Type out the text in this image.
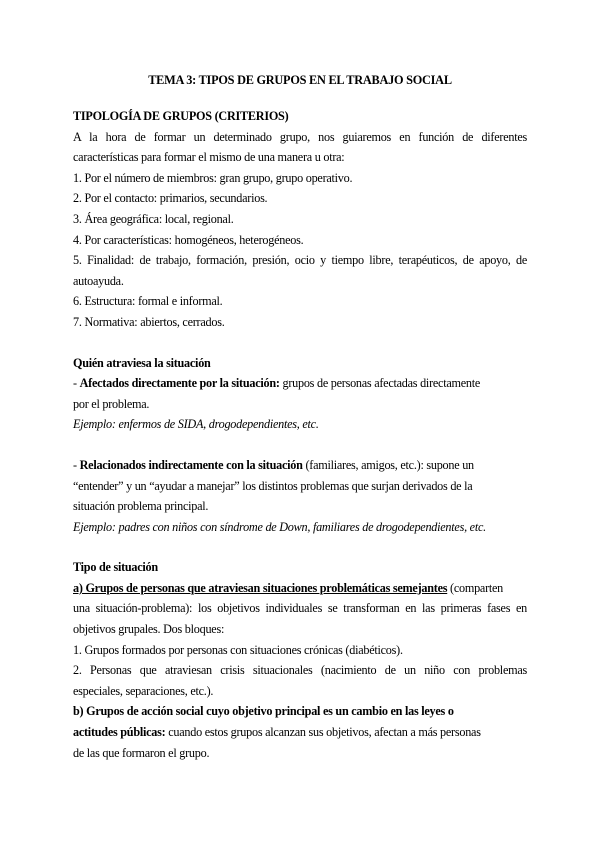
TEMA 3: TIPOS DE GRUPOS EN EL TRABAJO SOCIAL
TIPOLOGÍA DE GRUPOS (CRITERIOS)
A la hora de formar un determinado grupo, nos guiaremos en función de diferentes
características para formar el mismo de una manera u otra:
1. Por el número de miembros: gran grupo, grupo operativo.
2. Por el contacto: primarios, secundarios.
3. Área geográfica: local, regional.
4. Por características: homogéneos, heterogéneos.
5. Finalidad: de trabajo, formación, presión, ocio y tiempo libre, terapéuticos, de apoyo, de
autoayuda.
6. Estructura: formal e informal.
7. Normativa: abiertos, cerrados.
Quién atraviesa la situación
- Afectados directamente por la situación: grupos de personas afectadas directamente
por el problema.
Ejemplo: enfermos de SIDA, drogodependientes, etc.
- Relacionados indirectamente con la situación (familiares, amigos, etc.): supone un
“entender” y un “ayudar a manejar” los distintos problemas que surjan derivados de la
situación problema principal.
Ejemplo: padres con niños con síndrome de Down, familiares de drogodependientes, etc.
Tipo de situación
a) Grupos de personas que atraviesan situaciones problemáticas semejantes (comparten
una situación-problema): los objetivos individuales se transforman en las primeras fases en
objetivos grupales. Dos bloques:
1. Grupos formados por personas con situaciones crónicas (diabéticos).
2. Personas que atraviesan crisis situacionales (nacimiento de un niño con problemas
especiales, separaciones, etc.).
b) Grupos de acción social cuyo objetivo principal es un cambio en las leyes o
actitudes públicas: cuando estos grupos alcanzan sus objetivos, afectan a más personas
de las que formaron el grupo.
